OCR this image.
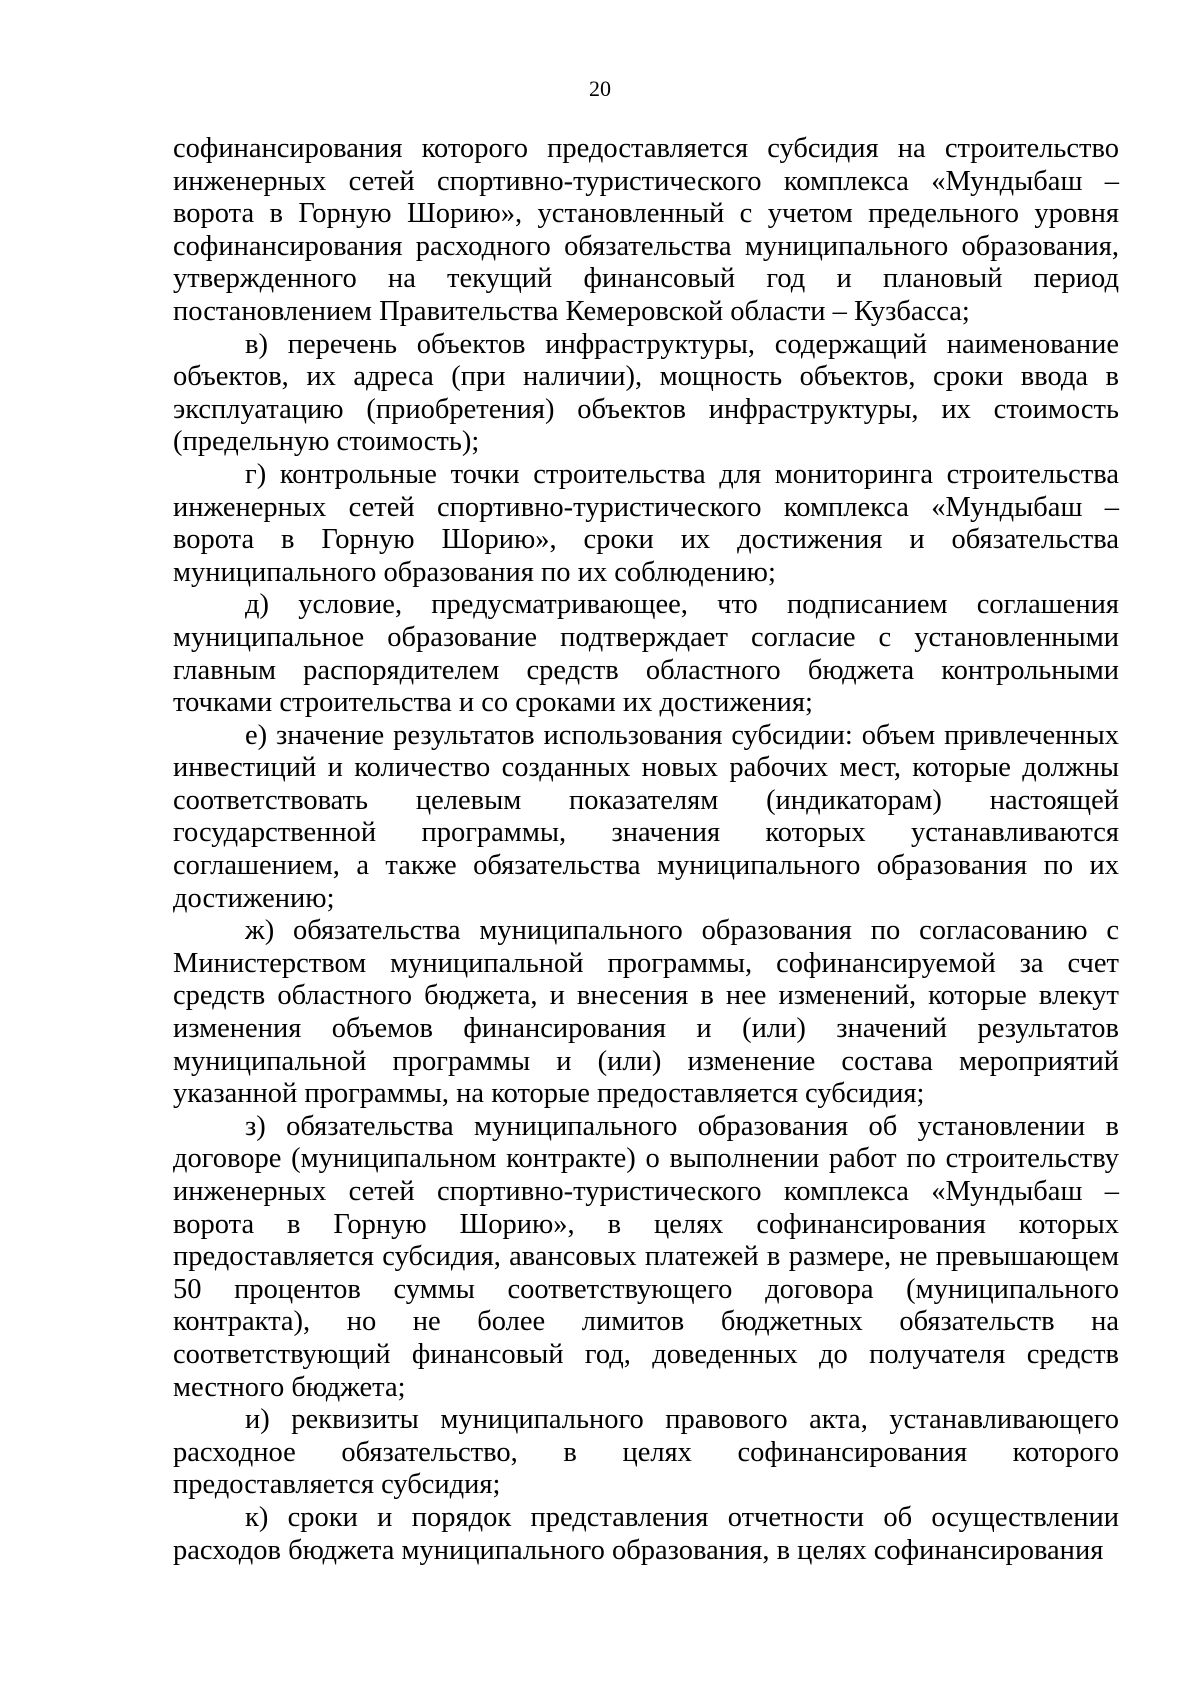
20

софинансирования которого предоставляется субсидия на строительство инженерных сетей спортивно-туристического комплекса «Мундыбаш – ворота в Горную Шорию», установленный с учетом предельного уровня софинансирования расходного обязательства муниципального образования, утвержденного на текущий финансовый год и плановый период постановлением Правительства Кемеровской области – Кузбасса;

в) перечень объектов инфраструктуры, содержащий наименование объектов, их адреса (при наличии), мощность объектов, сроки ввода в эксплуатацию (приобретения) объектов инфраструктуры, их стоимость (предельную стоимость);

г) контрольные точки строительства для мониторинга строительства инженерных сетей спортивно-туристического комплекса «Мундыбаш – ворота в Горную Шорию», сроки их достижения и обязательства муниципального образования по их соблюдению;

д) условие, предусматривающее, что подписанием соглашения муниципальное образование подтверждает согласие с установленными главным распорядителем средств областного бюджета контрольными точками строительства и со сроками их достижения;

е) значение результатов использования субсидии: объем привлеченных инвестиций и количество созданных новых рабочих мест, которые должны соответствовать целевым показателям (индикаторам) настоящей государственной программы, значения которых устанавливаются соглашением, а также обязательства муниципального образования по их достижению;

ж) обязательства муниципального образования по согласованию с Министерством муниципальной программы, софинансируемой за счет средств областного бюджета, и внесения в нее изменений, которые влекут изменения объемов финансирования и (или) значений результатов муниципальной программы и (или) изменение состава мероприятий указанной программы, на которые предоставляется субсидия;

з) обязательства муниципального образования об установлении в договоре (муниципальном контракте) о выполнении работ по строительству инженерных сетей спортивно-туристического комплекса «Мундыбаш – ворота в Горную Шорию», в целях софинансирования которых предоставляется субсидия, авансовых платежей в размере, не превышающем 50 процентов суммы соответствующего договора (муниципального контракта), но не более лимитов бюджетных обязательств на соответствующий финансовый год, доведенных до получателя средств местного бюджета;

и) реквизиты муниципального правового акта, устанавливающего расходное обязательство, в целях софинансирования которого предоставляется субсидия;

к) сроки и порядок представления отчетности об осуществлении расходов бюджета муниципального образования, в целях софинансирования
